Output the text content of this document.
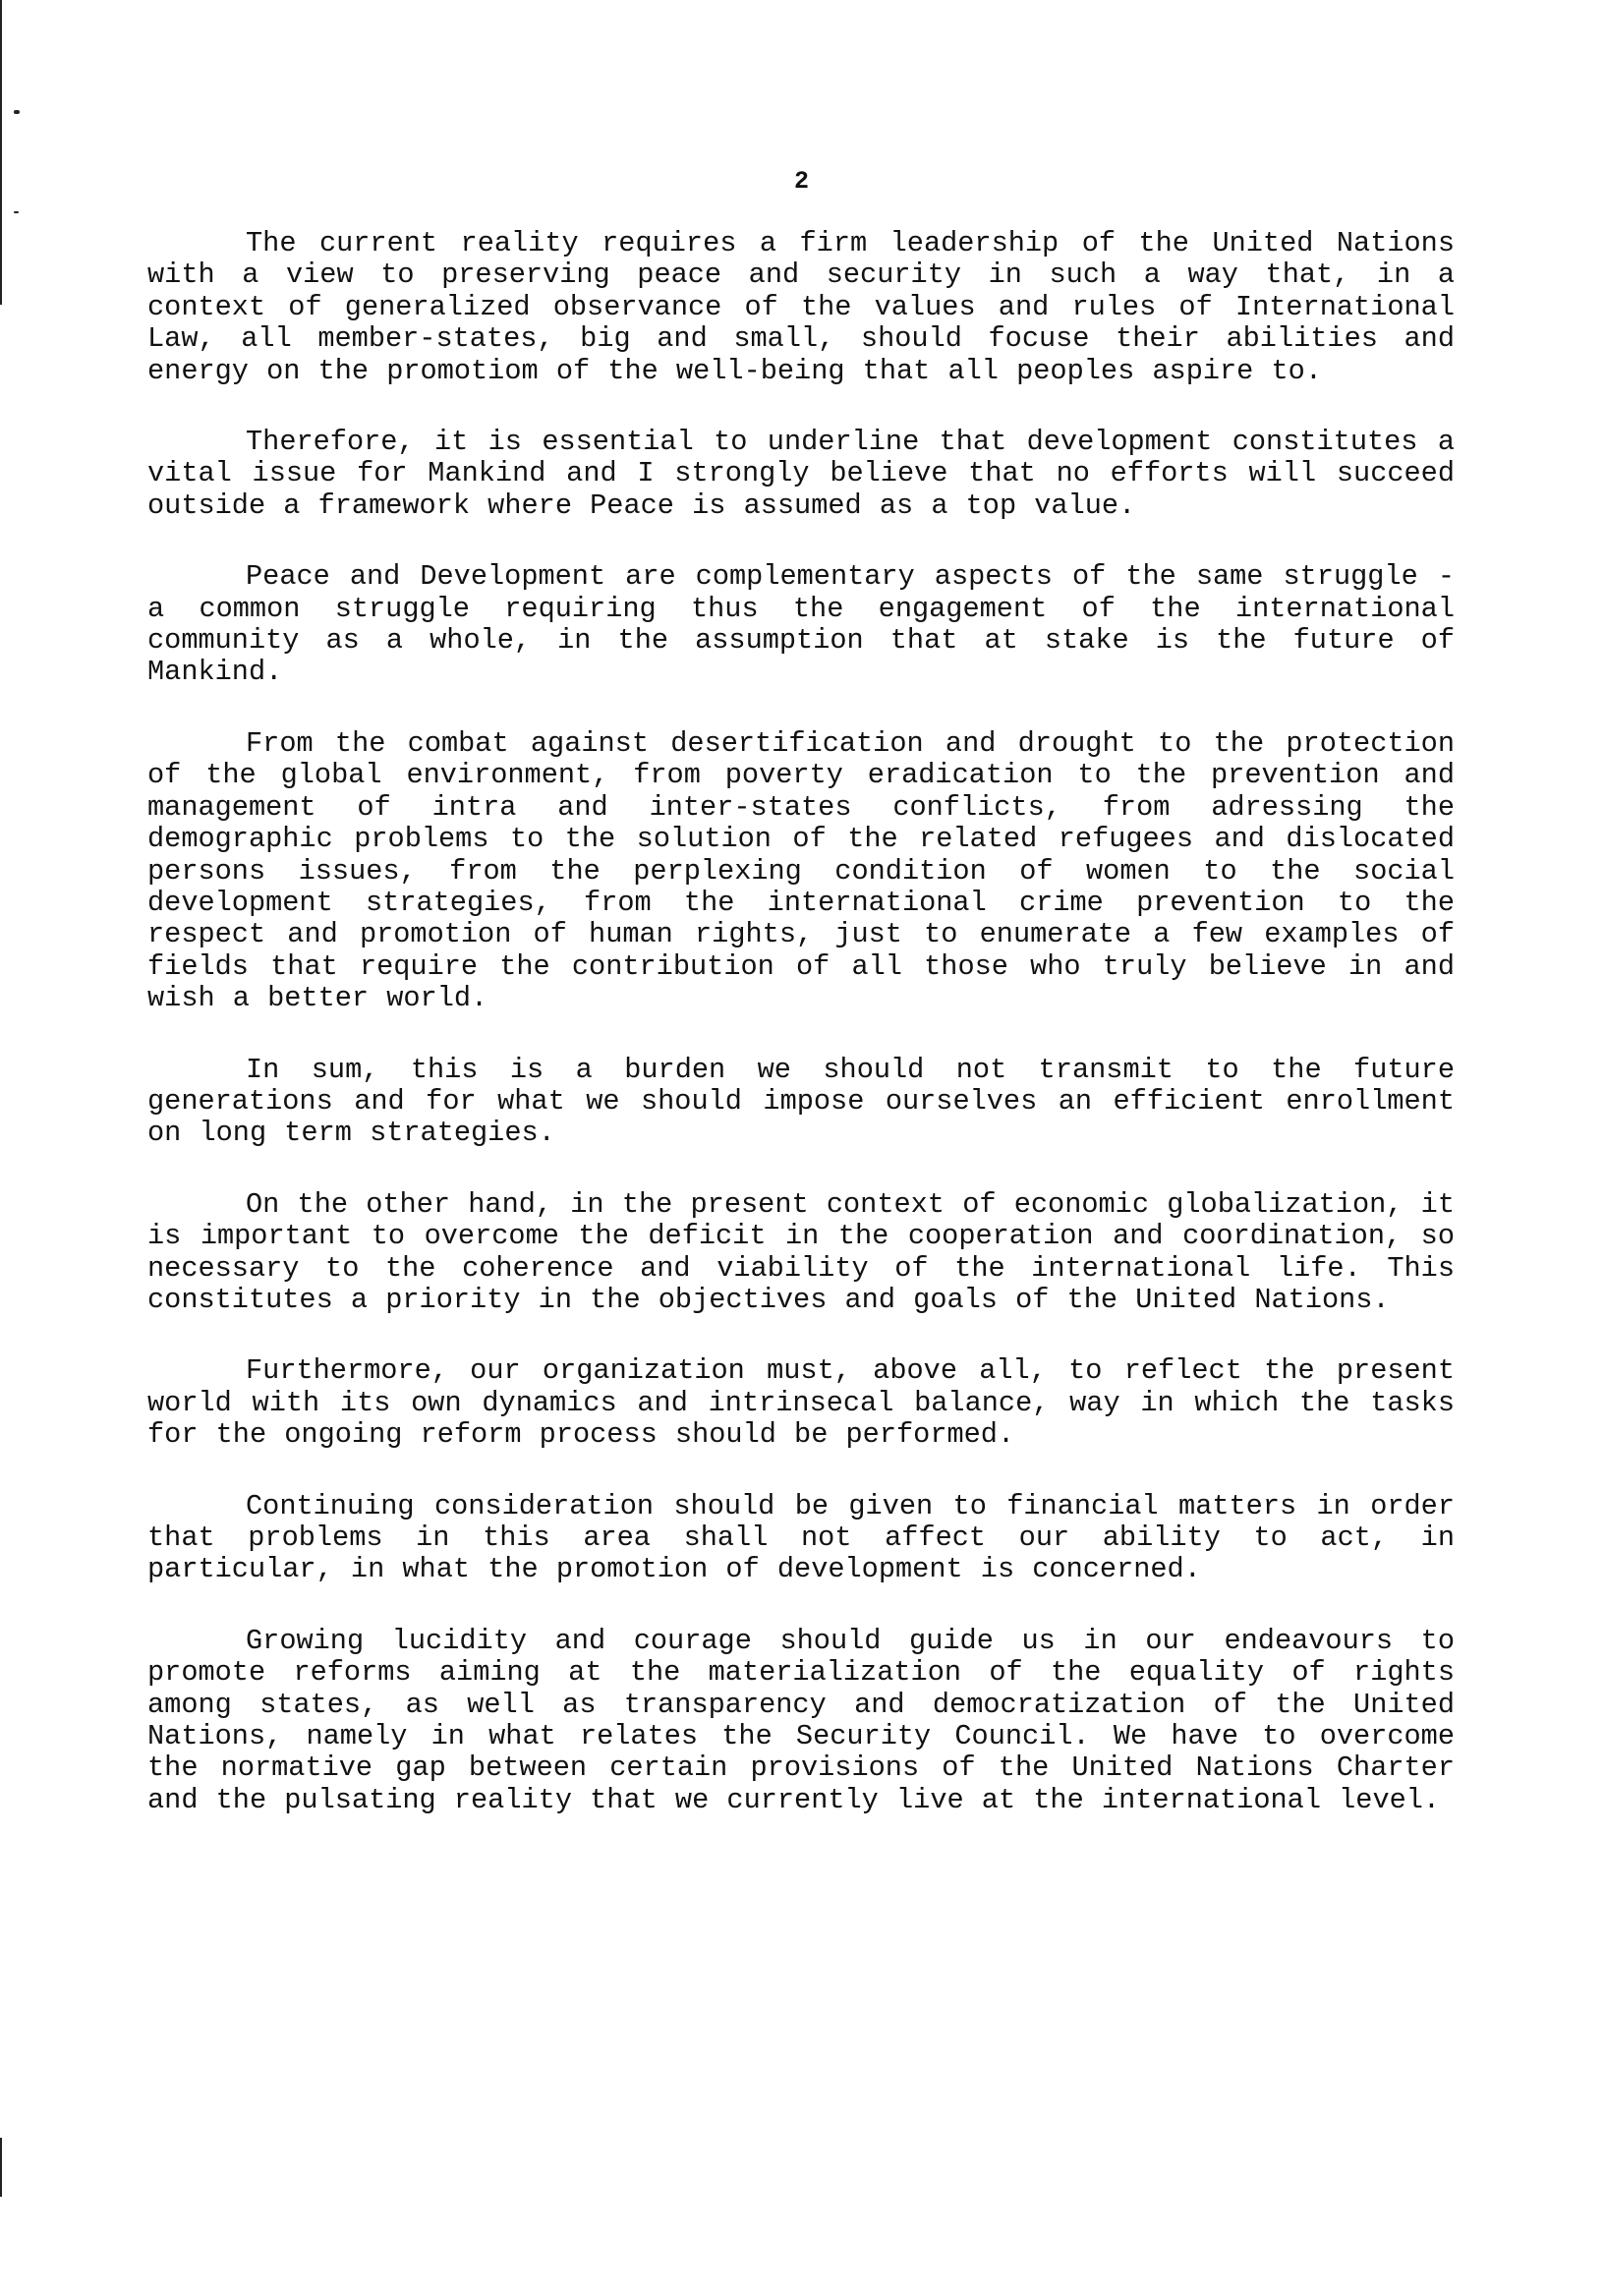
2

The current reality requires a firm leadership of the United Nations with a view to preserving peace and security in such a way that, in a context of generalized observance of the values and rules of International Law, all member-states, big and small, should focuse their abilities and energy on the promotiom of the well-being that all peoples aspire to.

Therefore, it is essential to underline that development constitutes a vital issue for Mankind and I strongly believe that no efforts will succeed outside a framework where Peace is assumed as a top value.

Peace and Development are complementary aspects of the same struggle - a common struggle requiring thus the engagement of the international community as a whole, in the assumption that at stake is the future of Mankind.

From the combat against desertification and drought to the protection of the global environment, from poverty eradication to the prevention and management of intra and inter-states conflicts, from adressing the demographic problems to the solution of the related refugees and dislocated persons issues, from the perplexing condition of women to the social development strategies, from the international crime prevention to the respect and promotion of human rights, just to enumerate a few examples of fields that require the contribution of all those who truly believe in and wish a better world.

In sum, this is a burden we should not transmit to the future generations and for what we should impose ourselves an efficient enrollment on long term strategies.

On the other hand, in the present context of economic globalization, it is important to overcome the deficit in the cooperation and coordination, so necessary to the coherence and viability of the international life. This constitutes a priority in the objectives and goals of the United Nations.

Furthermore, our organization must, above all, to reflect the present world with its own dynamics and intrinsecal balance, way in which the tasks for the ongoing reform process should be performed.

Continuing consideration should be given to financial matters in order that problems in this area shall not affect our ability to act, in particular, in what the promotion of development is concerned.

Growing lucidity and courage should guide us in our endeavours to promote reforms aiming at the materialization of the equality of rights among states, as well as transparency and democratization of the United Nations, namely in what relates the Security Council. We have to overcome the normative gap between certain provisions of the United Nations Charter and the pulsating reality that we currently live at the international level.
